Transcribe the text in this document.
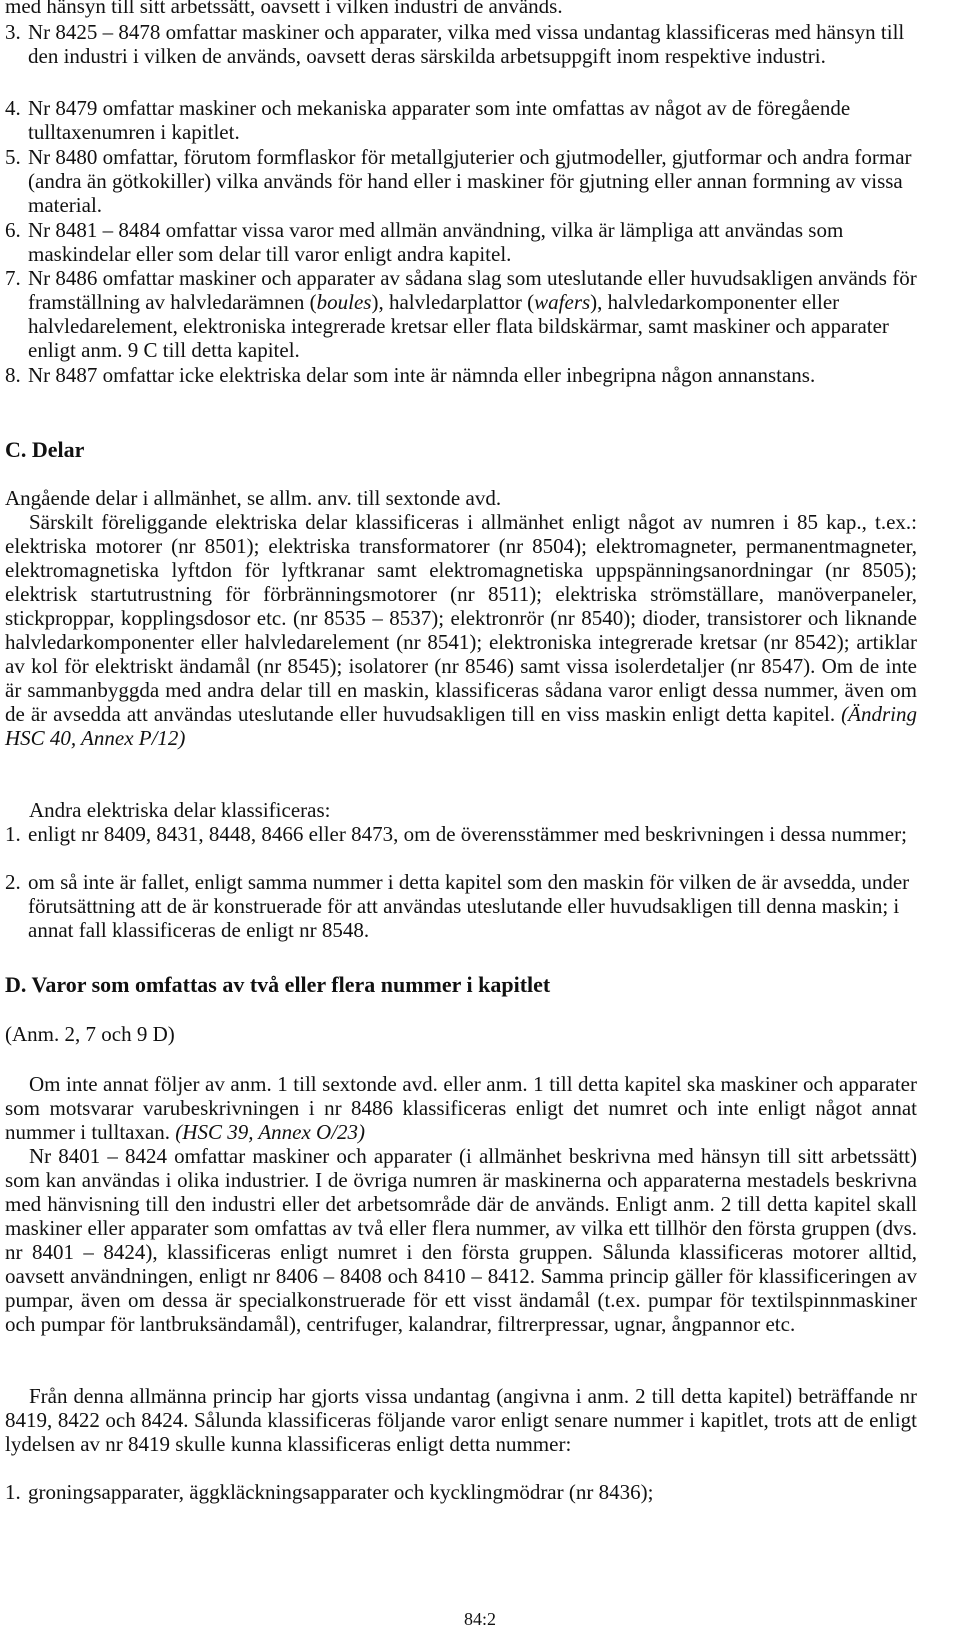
med hänsyn till sitt arbetssätt, oavsett i vilken industri de används.
3. Nr 8425 – 8478 omfattar maskiner och apparater, vilka med vissa undantag klassificeras med hänsyn till den industri i vilken de används, oavsett deras särskilda arbetsuppgift inom respektive industri.
4. Nr 8479 omfattar maskiner och mekaniska apparater som inte omfattas av något av de föregående tulltaxenumren i kapitlet.
5. Nr 8480 omfattar, förutom formflaskor för metallgjuterier och gjutmodeller, gjutformar och andra formar (andra än götkokiller) vilka används för hand eller i maskiner för gjutning eller annan formning av vissa material.
6. Nr 8481 – 8484 omfattar vissa varor med allmän användning, vilka är lämpliga att användas som maskindelar eller som delar till varor enligt andra kapitel.
7. Nr 8486 omfattar maskiner och apparater av sådana slag som uteslutande eller huvudsakligen används för framställning av halvledarämnen (boules), halvledarplattor (wafers), halvledarkomponenter eller halvledarelement, elektroniska integrerade kretsar eller flata bildskärmar, samt maskiner och apparater enligt anm. 9 C till detta kapitel.
8. Nr 8487 omfattar icke elektriska delar som inte är nämnda eller inbegripna någon annanstans.
C. Delar
Angående delar i allmänhet, se allm. anv. till sextonde avd.
Särskilt föreliggande elektriska delar klassificeras i allmänhet enligt något av numren i 85 kap., t.ex.: elektriska motorer (nr 8501); elektriska transformatorer (nr 8504); elektromagneter, permanentmagneter, elektromagnetiska lyftdon för lyftkranar samt elektromagnetiska uppspänningsanordningar (nr 8505); elektrisk startutrustning för förbränningsmotorer (nr 8511); elektriska strömställare, manöverpaneler, stickproppar, kopplingsdosor etc. (nr 8535 – 8537); elektronrör (nr 8540); dioder, transistorer och liknande halvledarkomponenter eller halvledarelement (nr 8541); elektroniska integrerade kretsar (nr 8542); artiklar av kol för elektriskt ändamål (nr 8545); isolatorer (nr 8546) samt vissa isolerdetaljer (nr 8547). Om de inte är sammanbyggda med andra delar till en maskin, klassificeras sådana varor enligt dessa nummer, även om de är avsedda att användas uteslutande eller huvudsakligen till en viss maskin enligt detta kapitel. (Ändring HSC 40, Annex P/12)
Andra elektriska delar klassificeras:
1. enligt nr 8409, 8431, 8448, 8466 eller 8473, om de överensstämmer med beskrivningen i dessa nummer;
2. om så inte är fallet, enligt samma nummer i detta kapitel som den maskin för vilken de är avsedda, under förutsättning att de är konstruerade för att användas uteslutande eller huvudsakligen till denna maskin; i annat fall klassificeras de enligt nr 8548.
D. Varor som omfattas av två eller flera nummer i kapitlet
(Anm. 2, 7 och 9 D)
Om inte annat följer av anm. 1 till sextonde avd. eller anm. 1 till detta kapitel ska maskiner och apparater som motsvarar varubeskrivningen i nr 8486 klassificeras enligt det numret och inte enligt något annat nummer i tulltaxan. (HSC 39, Annex O/23)
Nr 8401 – 8424 omfattar maskiner och apparater (i allmänhet beskrivna med hänsyn till sitt arbetssätt) som kan användas i olika industrier. I de övriga numren är maskinerna och apparaterna mestadels beskrivna med hänvisning till den industri eller det arbetsområde där de används. Enligt anm. 2 till detta kapitel skall maskiner eller apparater som omfattas av två eller flera nummer, av vilka ett tillhör den första gruppen (dvs. nr 8401 – 8424), klassificeras enligt numret i den första gruppen. Sålunda klassificeras motorer alltid, oavsett användningen, enligt nr 8406 – 8408 och 8410 – 8412. Samma princip gäller för klassificeringen av pumpar, även om dessa är specialkonstruerade för ett visst ändamål (t.ex. pumpar för textilspinnmaskiner och pumpar för lantbruksändamål), centrifuger, kalandrar, filtrerpressar, ugnar, ångpannor etc.
Från denna allmänna princip har gjorts vissa undantag (angivna i anm. 2 till detta kapitel) beträffande nr 8419, 8422 och 8424. Sålunda klassificeras följande varor enligt senare nummer i kapitlet, trots att de enligt lydelsen av nr 8419 skulle kunna klassificeras enligt detta nummer:
1. groningsapparater, äggkläckningsapparater och kycklingmödrar (nr 8436);
84:2
